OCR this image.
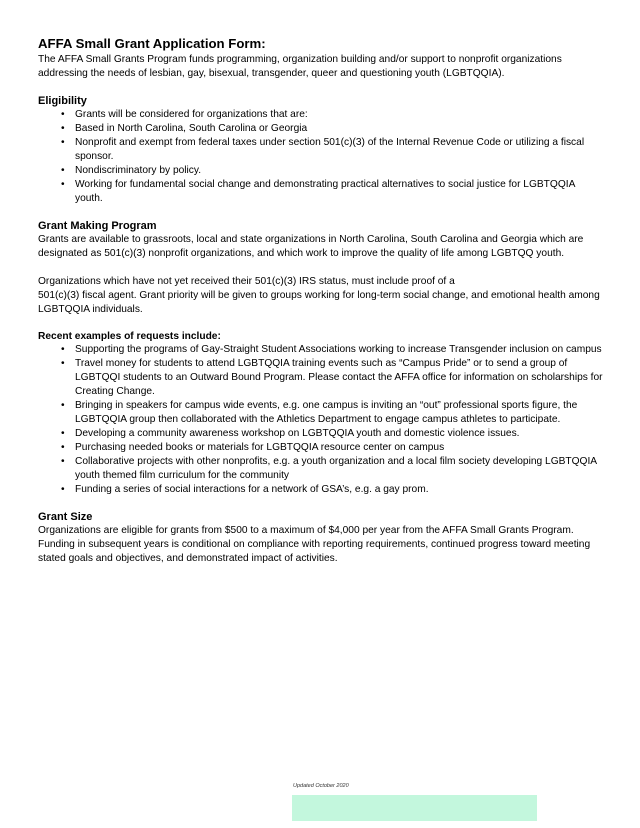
AFFA Small Grant Application Form:

The AFFA Small Grants Program funds programming, organization building and/or support to nonprofit organizations addressing the needs of lesbian, gay, bisexual, transgender, queer and questioning youth (LGBTQQIA).

Eligibility
• Grants will be considered for organizations that are:
• Based in North Carolina, South Carolina or Georgia
• Nonprofit and exempt from federal taxes under section 501(c)(3) of the Internal Revenue Code or utilizing a fiscal sponsor.
• Nondiscriminatory by policy.
• Working for fundamental social change and demonstrating practical alternatives to social justice for LGBTQQIA youth.
Grant Making Program

Grants are available to grassroots, local and state organizations in North Carolina, South Carolina and Georgia which are designated as 501(c)(3) nonprofit organizations, and which work to improve the quality of life among LGBTQQ youth.

Organizations which have not yet received their 501(c)(3) IRS status, must include proof of a
501(c)(3) fiscal agent. Grant priority will be given to groups working for long-term social change, and emotional health among LGBTQQIA individuals.

Recent examples of requests include:
• Supporting the programs of Gay-Straight Student Associations working to increase Transgender inclusion on campus
• Travel money for students to attend LGBTQQIA training events such as “Campus Pride” or to send a group of LGBTQQI students to an Outward Bound Program. Please contact the AFFA office for information on scholarships for Creating Change.
• Bringing in speakers for campus wide events, e.g. one campus is inviting an “out” professional sports figure, the LGBTQQIA group then collaborated with the Athletics Department to engage campus athletes to participate.
• Developing a community awareness workshop on LGBTQQIA youth and domestic violence issues.
• Purchasing needed books or materials for LGBTQQIA resource center on campus
• Collaborative projects with other nonprofits, e.g. a youth organization and a local film society developing LGBTQQIA youth themed film curriculum for the community
• Funding a series of social interactions for a network of GSA’s, e.g. a gay prom.
Grant Size

Organizations are eligible for grants from $500 to a maximum of $4,000 per year from the AFFA Small Grants Program. Funding in subsequent years is conditional on compliance with reporting requirements, continued progress toward meeting stated goals and objectives, and demonstrated impact of activities.

Updated October 2020
